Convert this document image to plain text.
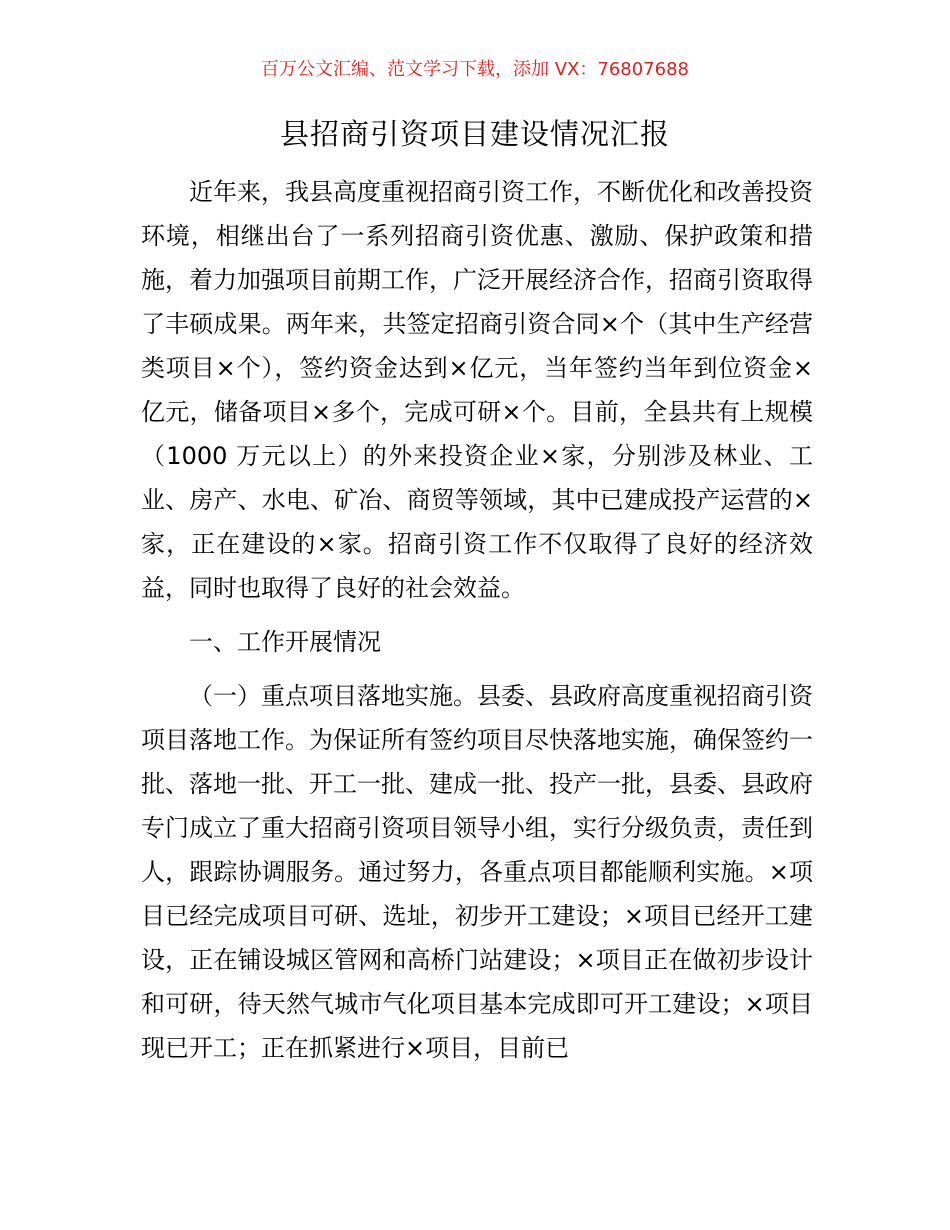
百万公文汇编、范文学习下载，添加 VX：76807688
县招商引资项目建设情况汇报

近年来，我县高度重视招商引资工作，不断优化和改善投资环境，相继出台了一系列招商引资优惠、激励、保护政策和措施，着力加强项目前期工作，广泛开展经济合作，招商引资取得了丰硕成果。两年来，共签定招商引资合同×个（其中生产经营类项目×个），签约资金达到×亿元，当年签约当年到位资金×亿元，储备项目×多个，完成可研×个。目前，全县共有上规模（1000 万元以上）的外来投资企业×家，分别涉及林业、工业、房产、水电、矿冶、商贸等领域，其中已建成投产运营的×家，正在建设的×家。招商引资工作不仅取得了良好的经济效益，同时也取得了良好的社会效益。

一、工作开展情况

（一）重点项目落地实施。县委、县政府高度重视招商引资项目落地工作。为保证所有签约项目尽快落地实施，确保签约一批、落地一批、开工一批、建成一批、投产一批，县委、县政府专门成立了重大招商引资项目领导小组，实行分级负责，责任到人，跟踪协调服务。通过努力，各重点项目都能顺利实施。×项目已经完成项目可研、选址，初步开工建设；×项目已经开工建设，正在铺设城区管网和高桥门站建设；×项目正在做初步设计和可研，待天然气城市气化项目基本完成即可开工建设；×项目现已开工；正在抓紧进行×项目，目前已
